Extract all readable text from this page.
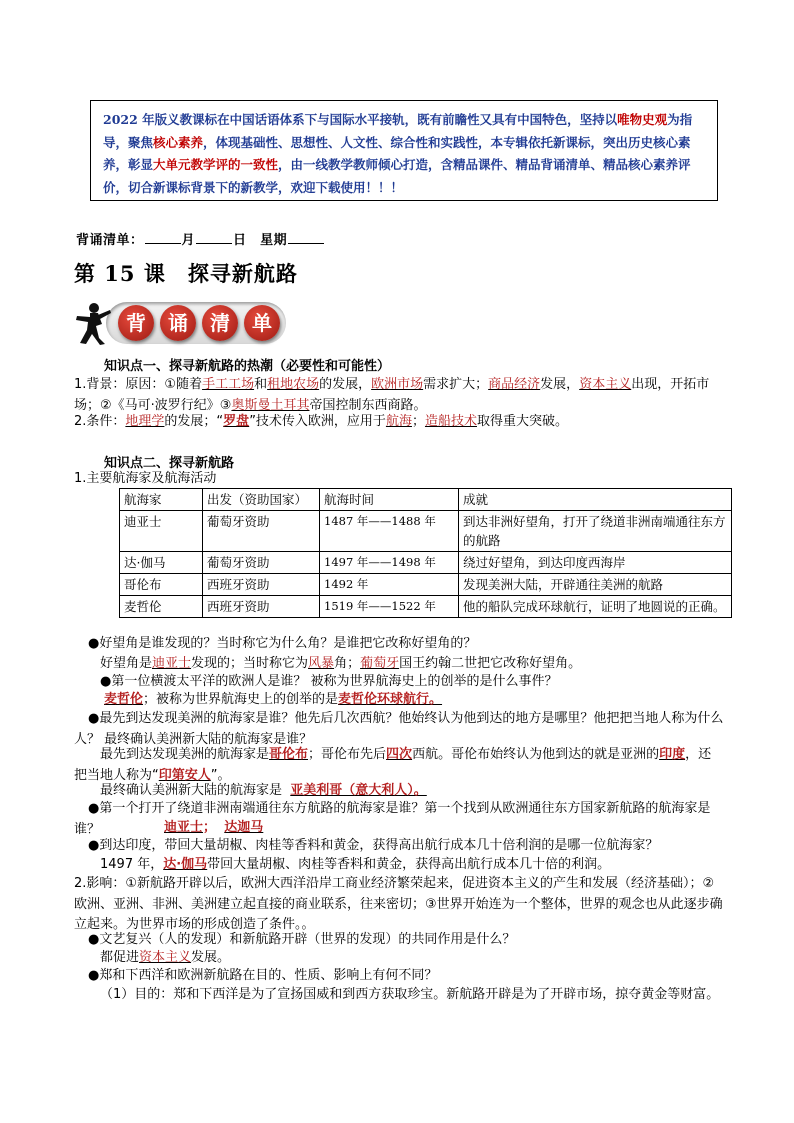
2022 年版义教课标在中国话语体系下与国际水平接轨，既有前瞻性又具有中国特色，坚持以唯物史观为指导，聚焦核心素养，体现基础性、思想性、人文性、综合性和实践性，本专辑依托新课标，突出历史核心素养，彰显大单元教学评的一致性，由一线教学教师倾心打造，含精品课件、精品背诵清单、精品核心素养评价，切合新课标背景下的新教学，欢迎下载使用！！！
背诵清单：	月	日　 星期
第 15 课　探寻新航路
背	诵	清	单
知识点一、探寻新航路的热潮（必要性和可能性）
1.背景：原因：①随着手工工场和租地农场的发展，欧洲市场需求扩大；商品经济发展，资本主义出现，开拓市场；②《马可·波罗行纪》③奥斯曼土耳其帝国控制东西商路。
2.条件：地理学的发展；“罗盘”技术传入欧洲，应用于航海；造船技术取得重大突破。
知识点二、探寻新航路
1.主要航海家及航海活动
航海家	出发（资助国家）	航海时间	成就
迪亚士	葡萄牙资助	1487 年——1488 年	到达非洲好望角，打开了绕道非洲南端通往东方的航路
达·伽马	葡萄牙资助	1497 年——1498 年	绕过好望角，到达印度西海岸
哥伦布	西班牙资助	1492 年	发现美洲大陆，开辟通往美洲的航路
麦哲伦	西班牙资助	1519 年——1522 年	他的船队完成环球航行，证明了地圆说的正确。
●好望角是谁发现的？当时称它为什么角？是谁把它改称好望角的？
好望角是迪亚士发现的；当时称它为风暴角；葡萄牙国王约翰二世把它改称好望角。
●第一位横渡太平洋的欧洲人是谁？ 被称为世界航海史上的创举的是什么事件？
麦哲伦；被称为世界航海史上的创举的是麦哲伦环球航行。
●最先到达发现美洲的航海家是谁？他先后几次西航？他始终认为他到达的地方是哪里？他把把当地人称为什么人？ 最终确认美洲新大陆的航海家是谁？
最先到达发现美洲的航海家是哥伦布；哥伦布先后四次西航。哥伦布始终认为他到达的就是亚洲的印度，还把当地人称为“印第安人”。
最终确认美洲新大陆的航海家是 亚美利哥（意大利人）。
●第一个打开了绕道非洲南端通往东方航路的航海家是谁？第一个找到从欧洲通往东方国家新航路的航海家是谁？	迪亚士； 达迦马
●到达印度，带回大量胡椒、肉桂等香料和黄金，获得高出航行成本几十倍利润的是哪一位航海家？
1497 年，达·伽马带回大量胡椒、肉桂等香料和黄金，获得高出航行成本几十倍的利润。
2.影响：①新航路开辟以后，欧洲大西洋沿岸工商业经济繁荣起来，促进资本主义的产生和发展（经济基础）；②欧洲、亚洲、非洲、美洲建立起直接的商业联系，往来密切；③世界开始连为一个整体，世界的观念也从此逐步确立起来。为世界市场的形成创造了条件。。
●文艺复兴（人的发现）和新航路开辟（世界的发现）的共同作用是什么？
都促进资本主义发展。
●郑和下西洋和欧洲新航路在目的、性质、影响上有何不同？
（1）目的：郑和下西洋是为了宣扬国威和到西方获取珍宝。新航路开辟是为了开辟市场，掠夺黄金等财富。
